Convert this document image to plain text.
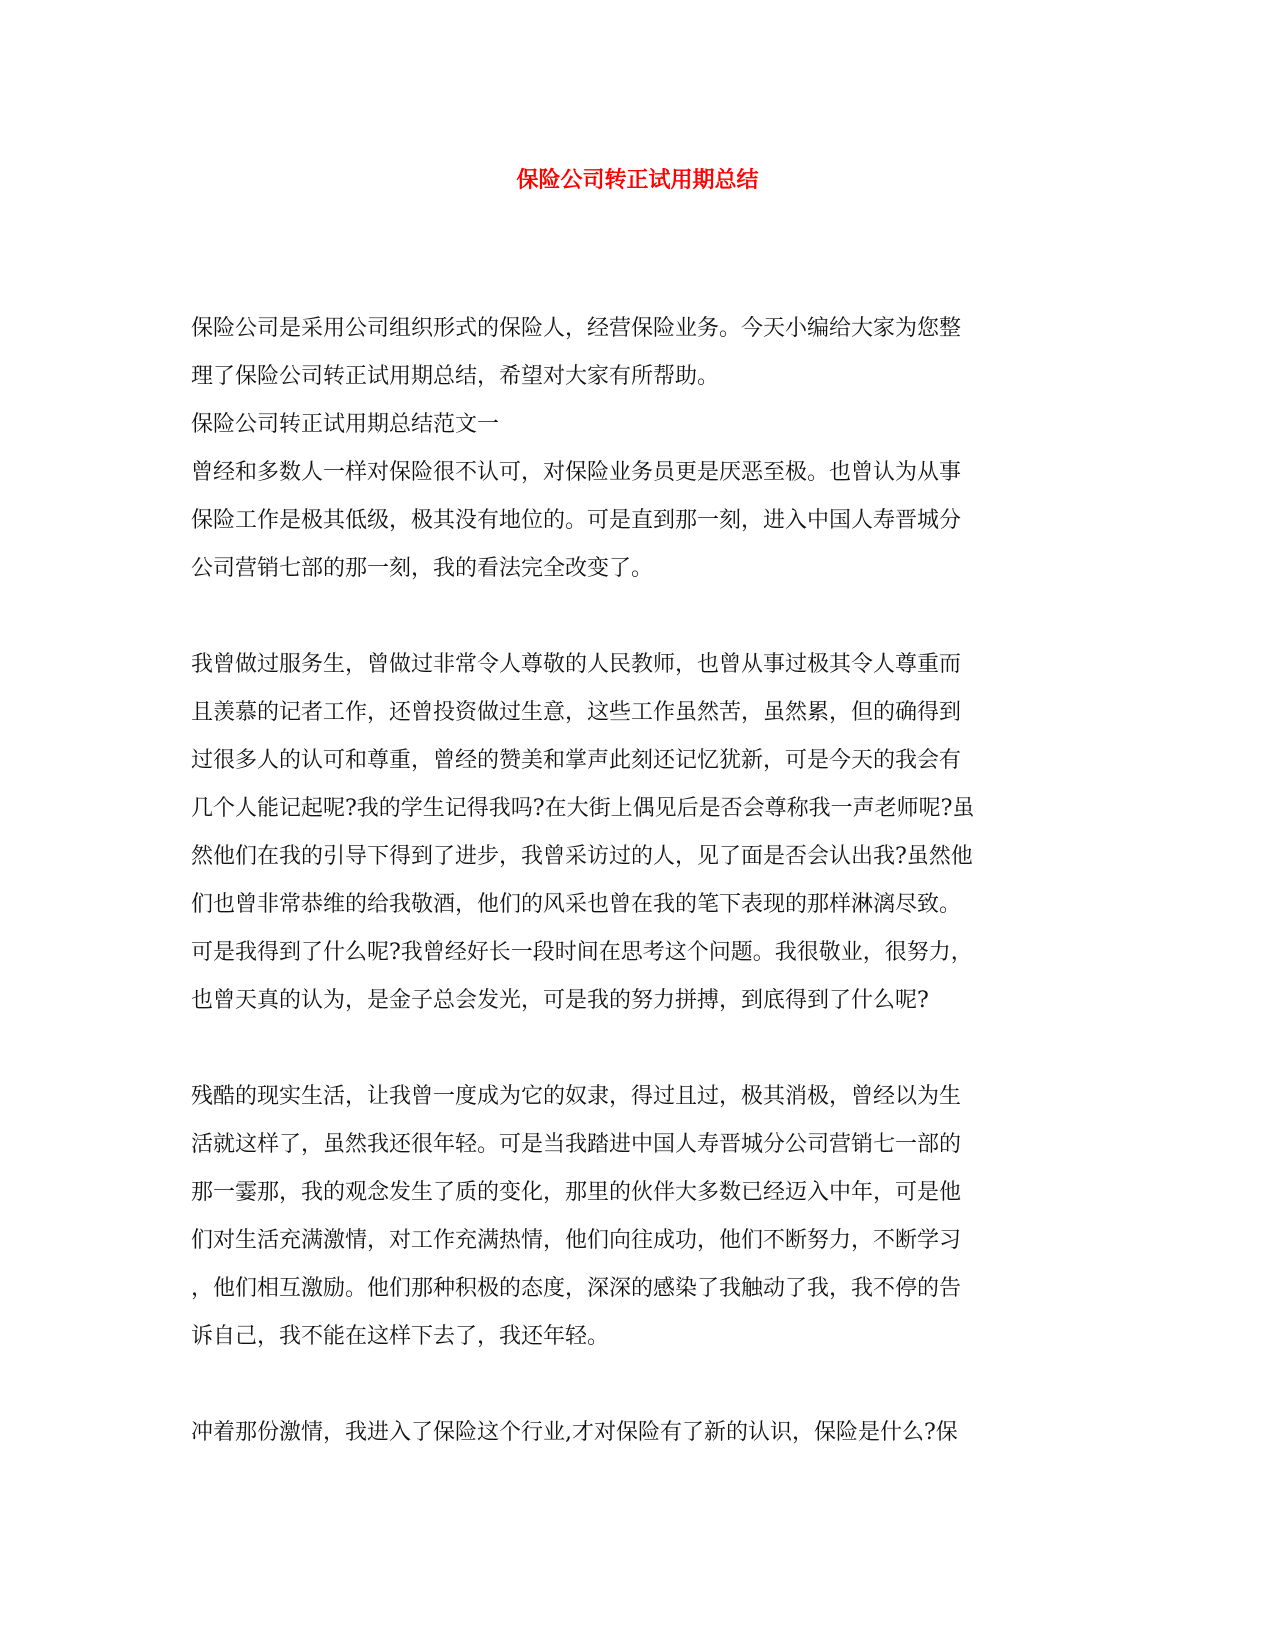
保险公司转正试用期总结

保险公司是采用公司组织形式的保险人，经营保险业务。今天小编给大家为您整
理了保险公司转正试用期总结，希望对大家有所帮助。

保险公司转正试用期总结范文一

曾经和多数人一样对保险很不认可，对保险业务员更是厌恶至极。也曾认为从事
保险工作是极其低级，极其没有地位的。可是直到那一刻，进入中国人寿晋城分
公司营销七部的那一刻，我的看法完全改变了。

我曾做过服务生，曾做过非常令人尊敬的人民教师，也曾从事过极其令人尊重而
且羡慕的记者工作，还曾投资做过生意，这些工作虽然苦，虽然累，但的确得到
过很多人的认可和尊重，曾经的赞美和掌声此刻还记忆犹新，可是今天的我会有
几个人能记起呢?我的学生记得我吗?在大街上偶见后是否会尊称我一声老师呢?虽
然他们在我的引导下得到了进步，我曾采访过的人，见了面是否会认出我?虽然他
们也曾非常恭维的给我敬酒，他们的风采也曾在我的笔下表现的那样淋漓尽致。
可是我得到了什么呢?我曾经好长一段时间在思考这个问题。我很敬业，很努力，
也曾天真的认为，是金子总会发光，可是我的努力拼搏，到底得到了什么呢?

残酷的现实生活，让我曾一度成为它的奴隶，得过且过，极其消极，曾经以为生
活就这样了，虽然我还很年轻。可是当我踏进中国人寿晋城分公司营销七一部的
那一霎那，我的观念发生了质的变化，那里的伙伴大多数已经迈入中年，可是他
们对生活充满激情，对工作充满热情，他们向往成功，他们不断努力，不断学习
，他们相互激励。他们那种积极的态度，深深的感染了我触动了我，我不停的告
诉自己，我不能在这样下去了，我还年轻。

冲着那份激情，我进入了保险这个行业,才对保险有了新的认识，保险是什么?保
